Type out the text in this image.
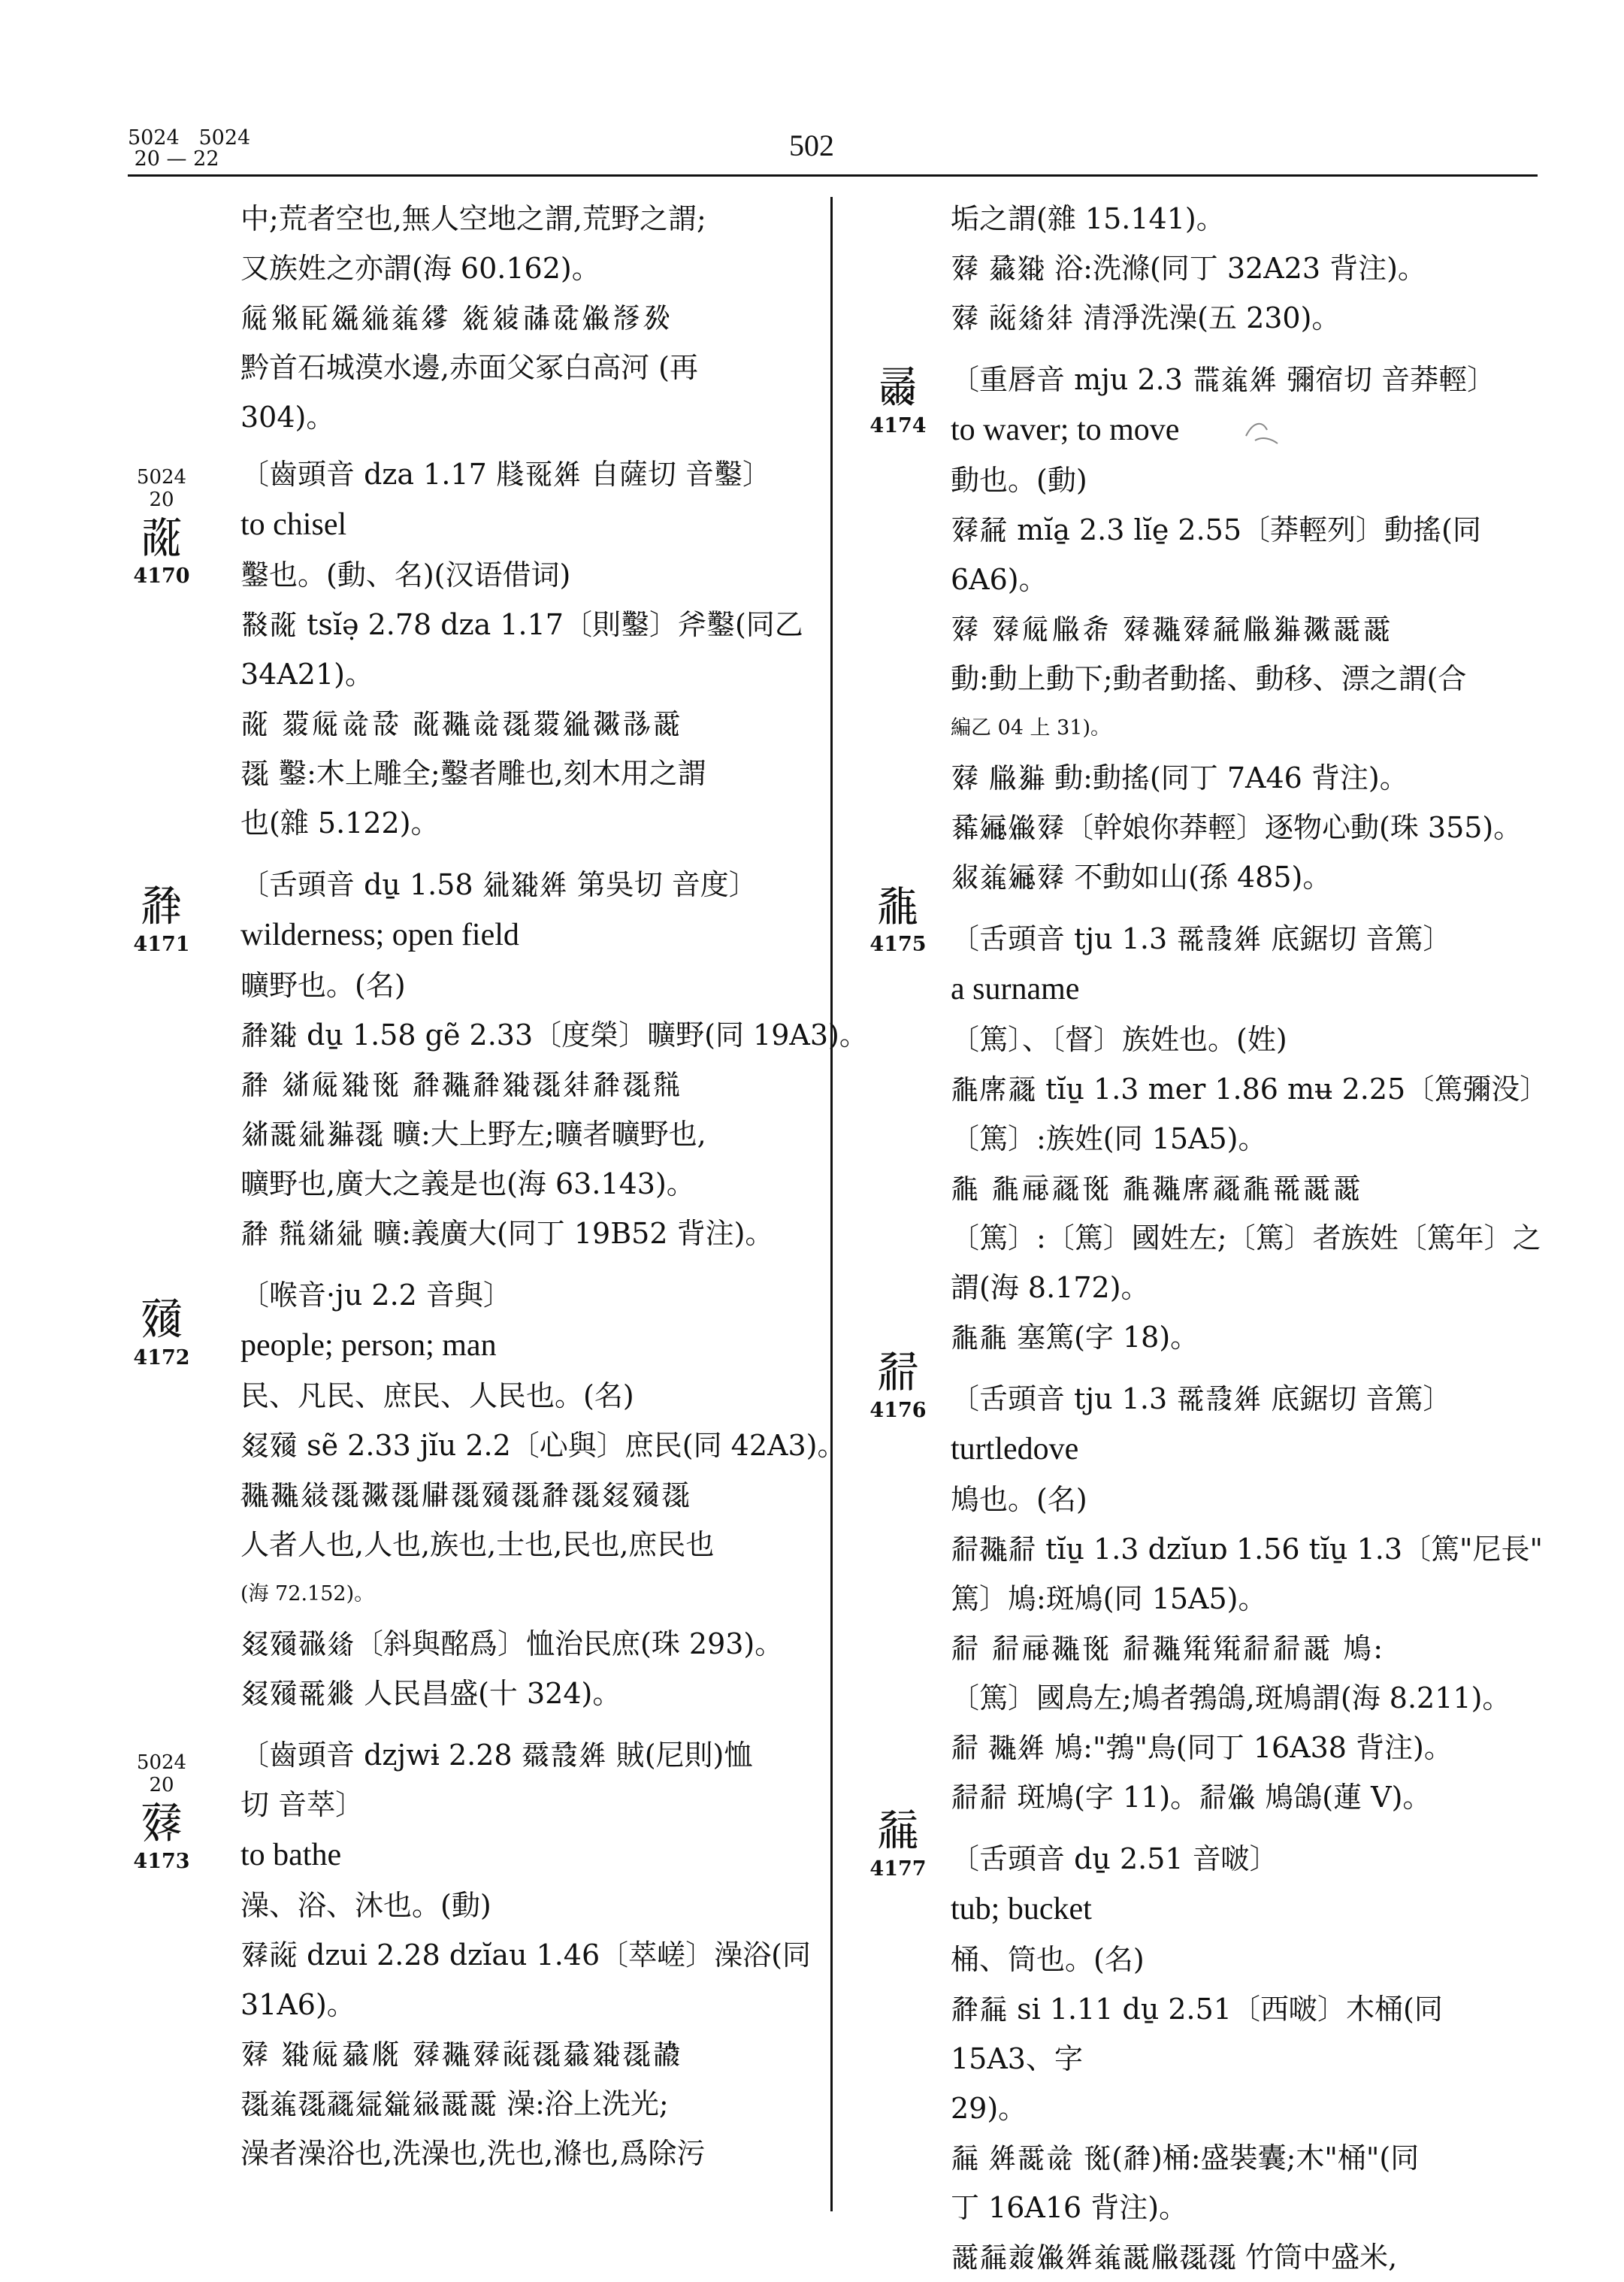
5024 5024
20 — 22	502

中;荒者空也,無人空地之謂,荒野之謂;

又族姓之亦謂(海 60.162)。

𗏁𗊮𗀄𗫟𗥤𗒀𗧘 𗦵𗦺𗰜𗱕𗏹𘃡𗉔

黔首石城漠水邊,赤面父冢白高河 (再

304)。

〔齒頭音 dza 1.17 𗹦𗀔𗤶 自薩切 音鑿〕

to chisel

鑿也。(動、名)(汉语借词)

𘜶𗰞 tsĭə̣ 2.78 dza 1.17〔則鑿〕斧鑿(同乙

34A21)。

𗰞 𗷅𗏁𗯨𗱚 𗰞𗖵𗯨𗖰𗷅𗧇𗗂𘃽𗵘

𗖰 鑿:木上雕全;鑿者雕也,刻木用之謂

也(雜 5.122)。

〔舌頭音 du̱ 1.58 𗣼𘃀𗤶 第吳切 音度〕

wilderness; open field

曠野也。(名)

𗴂𘃀 du̱ 1.58 gẽ 2.33〔度榮〕曠野(同 19A3)。

𗴂 𗣫𗏁𘃀𗍊 𗴂𗖵𗴂𘃀𗖰𗢳𗴂𗖰𘜘

𗣫𗵘𗣼𗯽𗖰 曠:大上野左;曠者曠野也,

曠野也,廣大之義是也(海 63.143)。

𗴂 𘜘𗣫𗣼 曠:義廣大(同丁 19B52 背注)。

〔喉音·ju 2.2 音與〕

people; person; man

民、凡民、庶民、人民也。(名)

𗾧𗸰 sẽ 2.33 jĭu 2.2〔心與〕庶民(同 42A3)。

𗖵𗖵𗧊𗖰𗗂𗖰𗆔𗖰𗸰𗖰𗴂𗖰𗾧𗸰𗖰

人者人也,人也,族也,士也,民也,庶民也

(海 72.152)。

𗾧𗸰𗖻𗦳〔斜與酩爲〕恤治民庶(珠 293)。

𗾧𗸰𗵃𗦫 人民昌盛(十 324)。

〔齒頭音 dzjwi̵ 2.28 𗵔𗱸𗤶 賊(尼則)恤

切 音萃〕

to bathe

澡、浴、沐也。(動)

𗸯𗙴 dzui 2.28 dzĭau 1.46〔萃嵯〕澡浴(同

31A6)。

𗸯 𘃀𗏁𗲠𗅋 𗸯𗖵𗸯𗙴𗖰𗲠𘃀𗖰𘄒

𗖰𗒀𗖰𗹙𗦇𗿧𗦎𗵘𗵘 澡:浴上洗光;

澡者澡浴也,洗澡也,洗也,滌也,爲除污

5024
20
𗰞
4170
𗴂
4171
𗸰
4172
5024
20
𗸯
4173

垢之謂(雜 15.141)。

𗸯 𗲠𘃀 浴:洗滌(同丁 32A23 背注)。

𗸯 𗙴𗦳𗢳 清淨洗澡(五 230)。

〔重唇音 mju 2.3 𗶹𗒀𗤶 彌宿切 音莽輕〕

to waver; to move

動也。(動)

𗸯𗴆 mĭa̱ 2.3 lĭe̱ 2.55〔莽輕列〕動搖(同 6A6)。

𗸯 𗸯𗏁𗆐𗐋 𗸯𗖵𗸯𗴆𗆐𗯽𗗂𗵘𗵘

動:動上動下;動者動搖、動移、漂之謂(合

編乙 04 上 31)。

𗸯 𗆐𗯽 動:動搖(同丁 7A46 背注)。

𗲅𗩾𗏹𗸯〔幹娘你莽輕〕逐物心動(珠 355)。

𗤒𗒀𗩾𗸯 不動如山(孫 485)。

〔舌頭音 tju 1.3 𗵃𗱸𗤶 底鋸切 音篤〕

a surname

〔篤〕、〔督〕族姓也。(姓)

𗴀𘟙𗹙 tĭu̱ 1.3 mer 1.86 mʉ 2.25〔篤彌没〕

〔篤〕:族姓(同 15A5)。

𗴀 𗴀𗄊𗹙𗍊 𗴀𗖵𘟙𗹙𗴀𗵃𗵘𗵘

〔篤〕:〔篤〕國姓左;〔篤〕者族姓〔篤年〕之

謂(海 8.172)。

𗴀𗴀 塞篤(字 18)。

〔舌頭音 tju 1.3 𗵃𗱸𗤶 底鋸切 音篤〕

turtledove

鳩也。(名)

𗴁𗖵𗴁 tĭu̱ 1.3 dzĭuɒ 1.56 tĭu̱ 1.3〔篤"尼長"

篤〕鳩:斑鳩(同 15A5)。

𗴁 𗴁𗄊𗖵𗍊 𗴁𗖵𗋕𗋕𗴁𗴁𗵘 鳩:

〔篤〕國鳥左;鳩者鵓鴿,斑鳩謂(海 8.211)。

𗴁 𗖵𗤶 鳩:"鵓"鳥(同丁 16A38 背注)。

𗴁𗴁 斑鳩(字 11)。𗴁𗏹 鳩鴿(蓮 V)。

〔舌頭音 du̱ 2.51 音啵〕

tub; bucket

桶、筒也。(名)

𗴂𗴃 si 1.11 du̱ 2.51〔西啵〕木桶(同 15A3、字

29)。

𗴃 𗤶𗵘𗯨 𗍊(𗴂)桶:盛裝囊;木"桶"(同

丁 16A16 背注)。

𗵘𗴃𗓱𗏹𗤶𗒀𗵘𗆐𗖰𗖰 竹筒中盛米,

𗰭
4174
𗴀
4175
𗴁
4176
𗴃
4177
